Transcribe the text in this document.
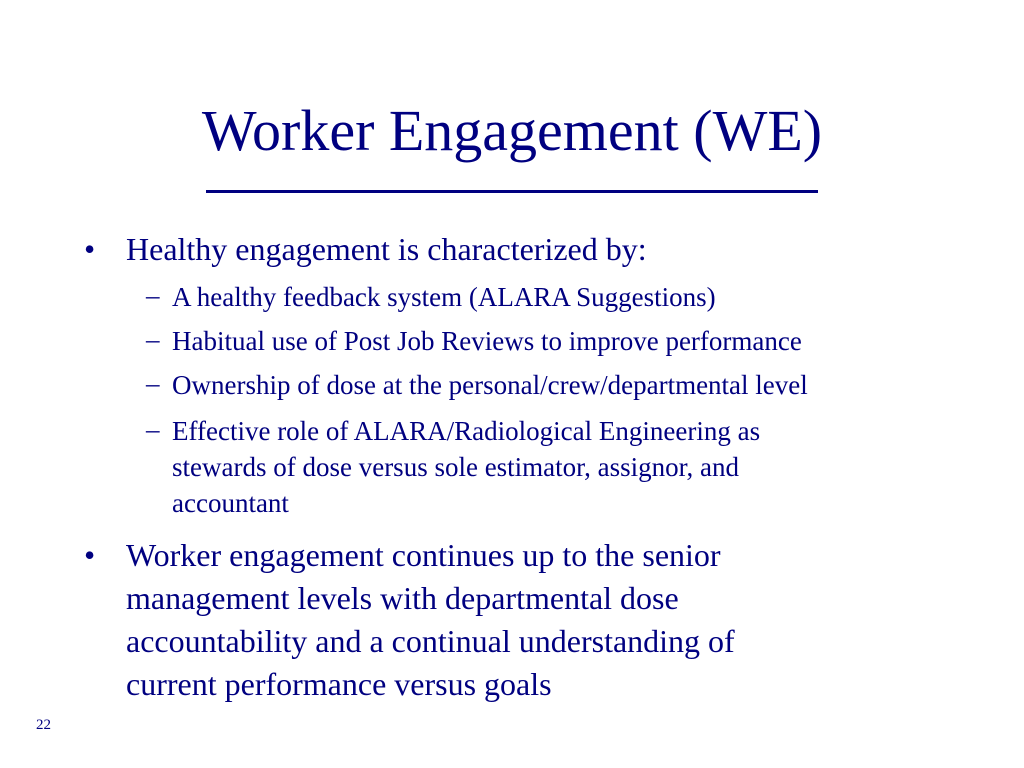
Worker Engagement (WE)
• Healthy engagement is characterized by:
– A healthy feedback system (ALARA Suggestions)
– Habitual use of Post Job Reviews to improve performance
– Ownership of dose at the personal/crew/departmental level
– Effective role of ALARA/Radiological Engineering as
stewards of dose versus sole estimator, assignor, and
accountant
• Worker engagement continues up to the senior
management levels with departmental dose
accountability and a continual understanding of
current performance versus goals
22
